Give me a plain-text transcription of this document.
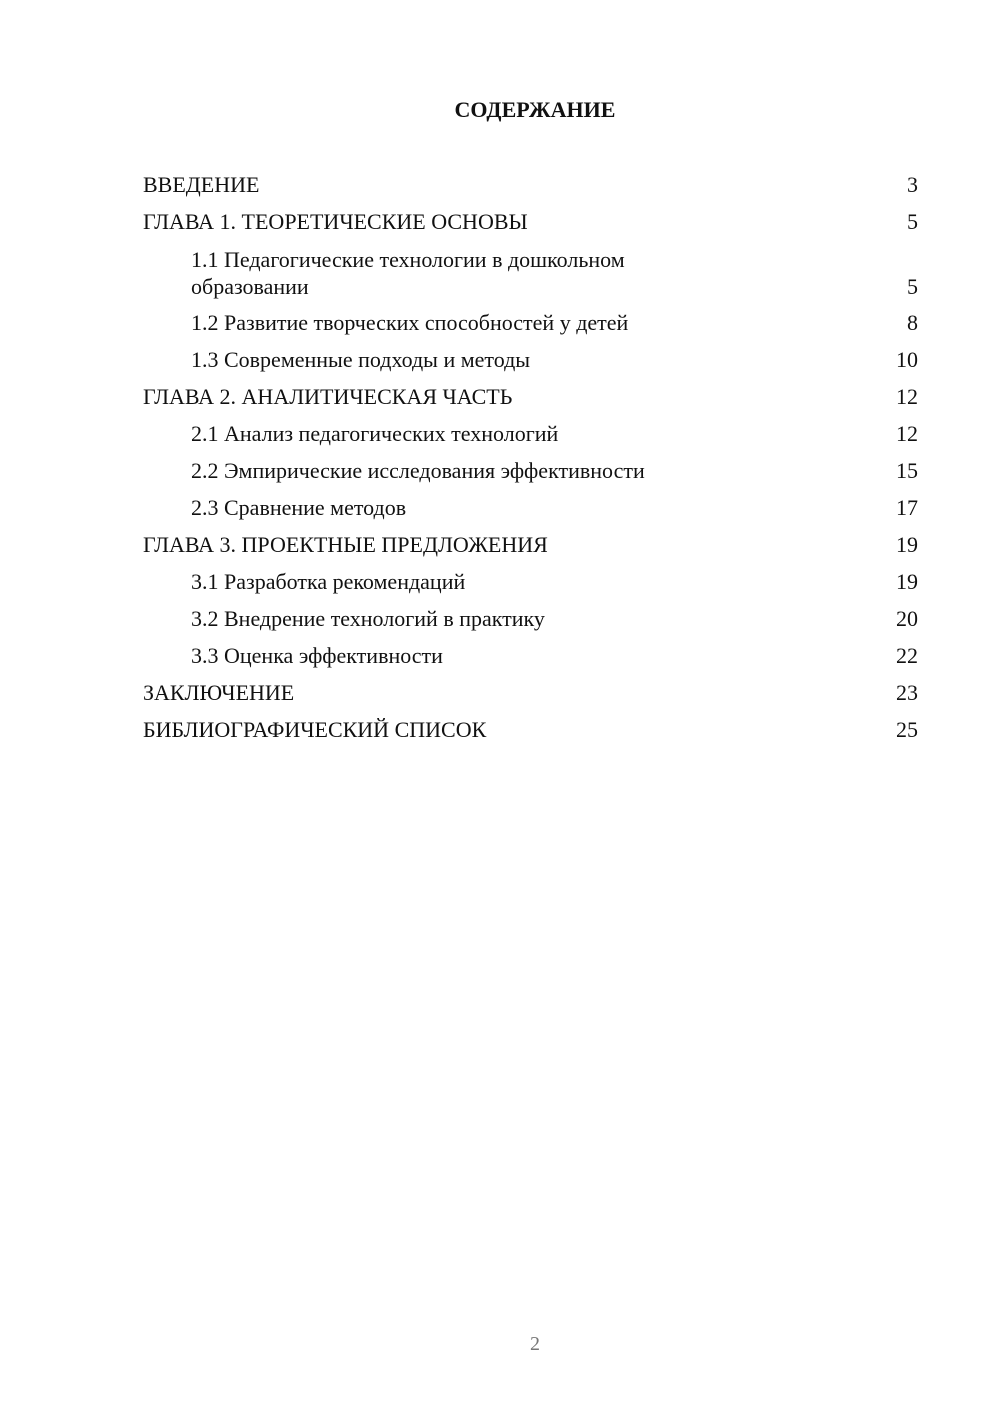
СОДЕРЖАНИЕ
ВВЕДЕНИЕ	3
ГЛАВА 1. ТЕОРЕТИЧЕСКИЕ ОСНОВЫ	5
1.1 Педагогические технологии в дошкольном образовании	5
1.2 Развитие творческих способностей у детей	8
1.3 Современные подходы и методы	10
ГЛАВА 2. АНАЛИТИЧЕСКАЯ ЧАСТЬ	12
2.1 Анализ педагогических технологий	12
2.2 Эмпирические исследования эффективности	15
2.3 Сравнение методов	17
ГЛАВА 3. ПРОЕКТНЫЕ ПРЕДЛОЖЕНИЯ	19
3.1 Разработка рекомендаций	19
3.2 Внедрение технологий в практику	20
3.3 Оценка эффективности	22
ЗАКЛЮЧЕНИЕ	23
БИБЛИОГРАФИЧЕСКИЙ СПИСОК	25
2
